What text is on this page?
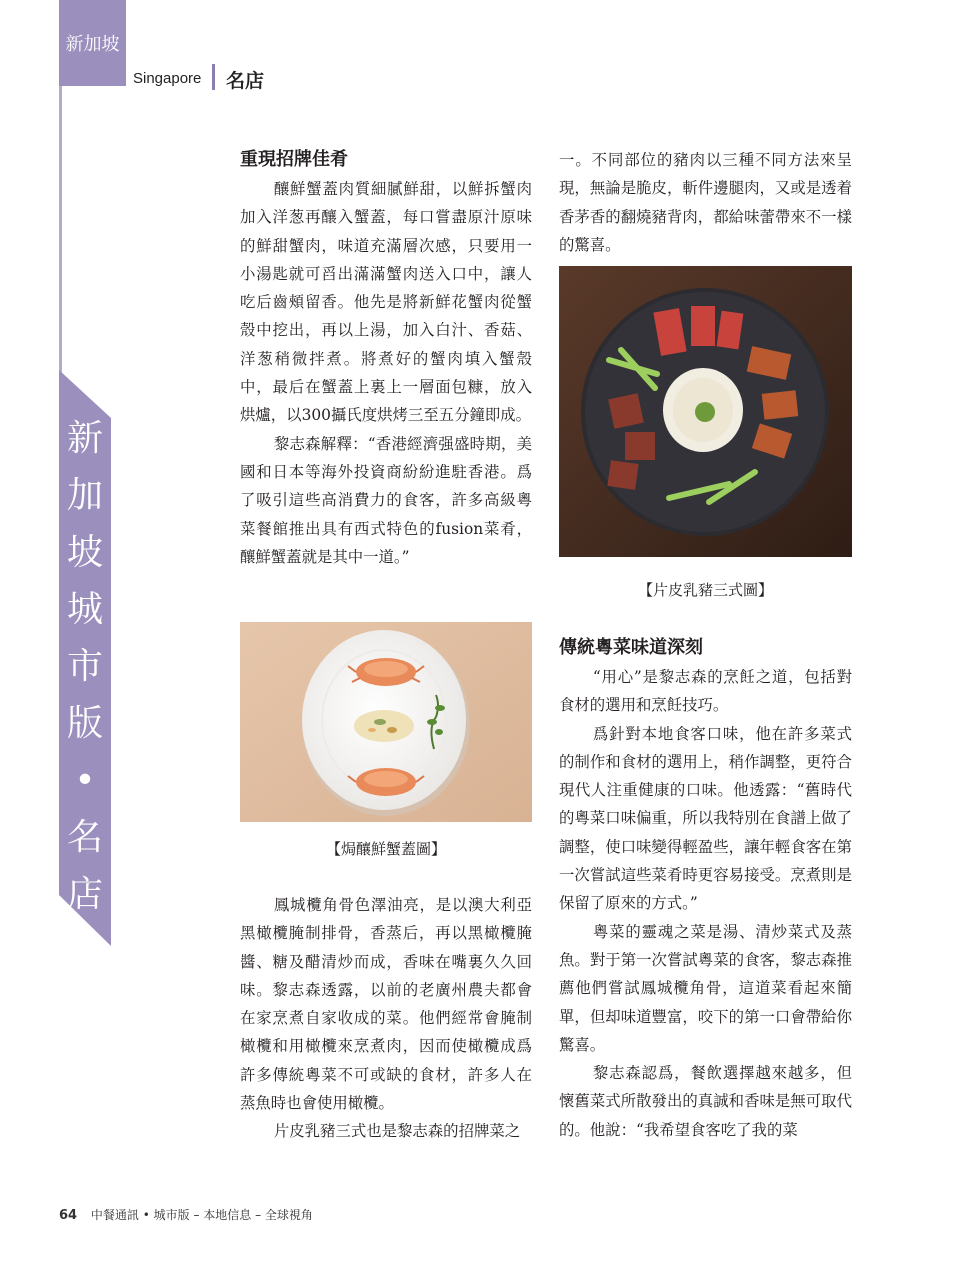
新加坡
Singapore 名店
新
加
坡
城
市
版
•
名
店
重現招牌佳肴

釀鮮蟹蓋肉質細膩鮮甜，以鮮拆蟹肉加入洋葱再釀入蟹蓋，每口嘗盡原汁原味的鮮甜蟹肉，味道充滿層次感，只要用一小湯匙就可舀出滿滿蟹肉送入口中，讓人吃后齒頰留香。他先是將新鮮花蟹肉從蟹殼中挖出，再以上湯，加入白汁、香菇、洋葱稍微拌煮。將煮好的蟹肉填入蟹殼中，最后在蟹蓋上裏上一層面包糠，放入烘爐，以300攝氏度烘烤三至五分鐘即成。

黎志森解釋：“香港經濟强盛時期，美國和日本等海外投資商紛紛進駐香港。爲了吸引這些高消費力的食客，許多高級粵菜餐館推出具有西式特色的fusion菜肴， 釀鮮蟹蓋就是其中一道。”

鳳城欖角骨色澤油亮，是以澳大利亞黑橄欖腌制排骨，香蒸后，再以黑橄欖腌醬、糖及醋清炒而成，香味在嘴裏久久回味。黎志森透露，以前的老廣州農夫都會在家烹煮自家收成的菜。他們經常會腌制橄欖和用橄欖來烹煮肉，因而使橄欖成爲許多傳統粵菜不可或缺的食材，許多人在蒸魚時也會使用橄欖。

片皮乳豬三式也是黎志森的招牌菜之

【焗釀鮮蟹蓋圖】

一。不同部位的豬肉以三種不同方法來呈現，無論是脆皮，斬件邊腿肉，又或是透着香茅香的翻燒豬背肉，都給味蕾帶來不一樣的驚喜。

【片皮乳豬三式圖】
傳統粵菜味道深刻

“用心”是黎志森的烹飪之道，包括對食材的選用和烹飪技巧。

爲針對本地食客口味，他在許多菜式的制作和食材的選用上，稍作調整，更符合現代人注重健康的口味。他透露：“舊時代的粵菜口味偏重，所以我特別在食譜上做了調整，使口味變得輕盈些，讓年輕食客在第一次嘗試這些菜肴時更容易接受。烹煮則是保留了原來的方式。”

粵菜的靈魂之菜是湯、清炒菜式及蒸魚。對于第一次嘗試粵菜的食客，黎志森推薦他們嘗試鳳城欖角骨，這道菜看起來簡單，但却味道豐富，咬下的第一口會帶給你驚喜。

黎志森認爲，餐飲選擇越來越多，但懷舊菜式所散發出的真誠和香味是無可取代的。他說：“我希望食客吃了我的菜

64 中餐通訊 • 城市版 – 本地信息 – 全球視角
